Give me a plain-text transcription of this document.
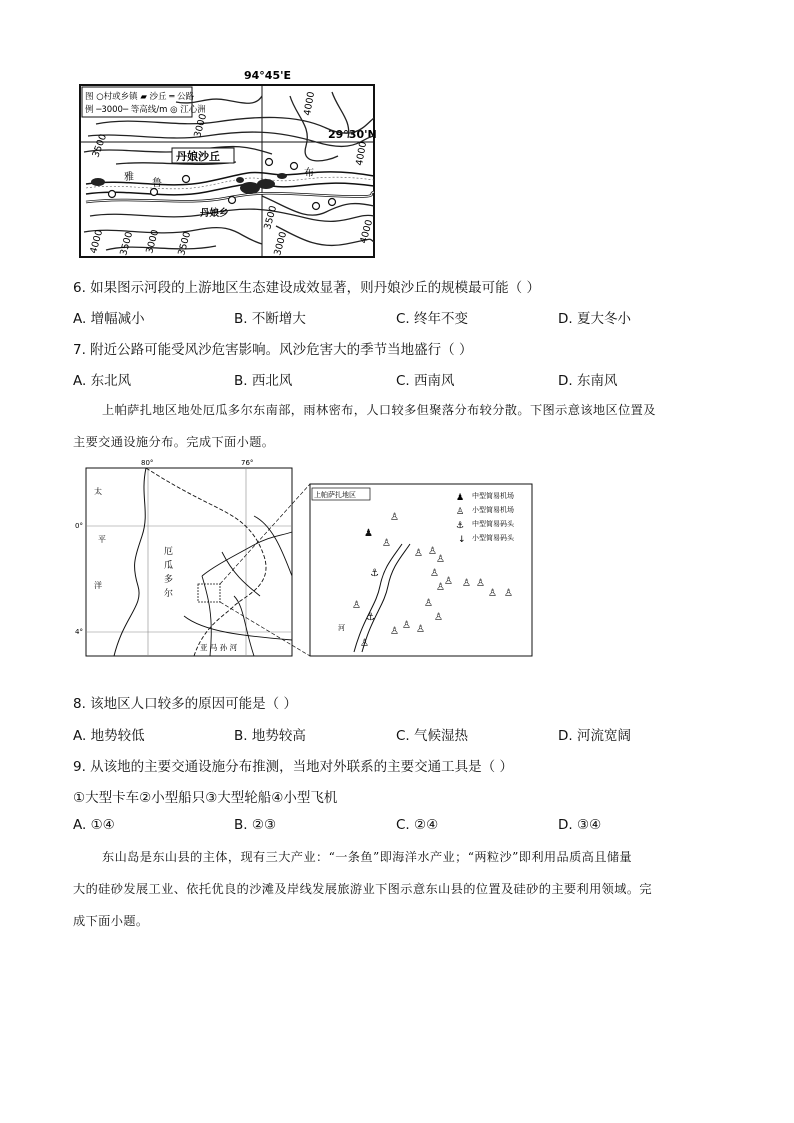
94°45'E
29°30'N
图 ○村或乡镇 ▰ 沙丘 ═ 公路
例 ─3000─ 等高线/m ◎ 江心洲
丹娘沙丘
丹娘乡
雅
鲁
布
3500
3000
4000
4000
4000 3500 3000 3500
3500
3000	4000
6. 如果图示河段的上游地区生态建设成效显著，则丹娘沙丘的规模最可能（ ）
A. 增幅减小	B. 不断增大	C. 终年不变	D. 夏大冬小
7. 附近公路可能受风沙危害影响。风沙危害大的季节当地盛行（ ）
A. 东北风	B. 西北风	C. 西南风	D. 东南风
上帕萨扎地区地处厄瓜多尔东南部，雨林密布，人口较多但聚落分布较分散。下图示意该地区位置及
主要交通设施分布。完成下面小题。
80°	76°
0°
4°
太
平
洋
厄
瓜
多
尔
亚 马 孙 河
上帕萨扎地区
河
♟
♙
♙ ♙
♙
♙ ♙ ♙
♙ ♙
♙
♙
♙
♙
♙
♙
♙
♙
♙
♙
⚓
⚓
♟ 中型简易机场
♙ 小型简易机场
⚓ 中型简易码头
↓ 小型简易码头
8. 该地区人口较多的原因可能是（ ）
A. 地势较低	B. 地势较高	C. 气候湿热	D. 河流宽阔
9. 从该地的主要交通设施分布推测，当地对外联系的主要交通工具是（ ）
①大型卡车②小型船只③大型轮船④小型飞机
A. ①④	B. ②③	C. ②④	D. ③④
东山岛是东山县的主体，现有三大产业：“一条鱼”即海洋水产业；“两粒沙”即利用品质高且储量
大的硅砂发展工业、依托优良的沙滩及岸线发展旅游业下图示意东山县的位置及硅砂的主要利用领域。完
成下面小题。
